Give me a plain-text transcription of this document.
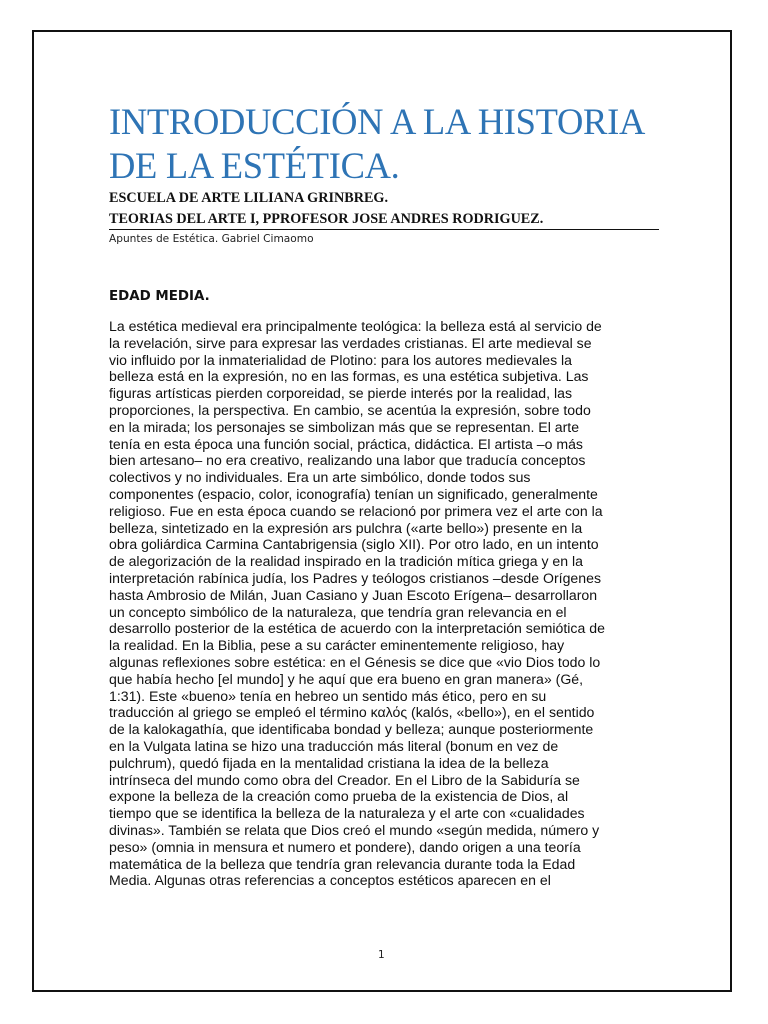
INTRODUCCIÓN A LA HISTORIA
DE LA ESTÉTICA.
ESCUELA DE ARTE LILIANA GRINBREG.
TEORIAS DEL ARTE I, PPROFESOR JOSE ANDRES RODRIGUEZ.
Apuntes de Estética. Gabriel Cimaomo
EDAD MEDIA.
La estética medieval era principalmente teológica: la belleza está al servicio de
la revelación, sirve para expresar las verdades cristianas. El arte medieval se
vio influido por la inmaterialidad de Plotino: para los autores medievales la
belleza está en la expresión, no en las formas, es una estética subjetiva. Las
figuras artísticas pierden corporeidad, se pierde interés por la realidad, las
proporciones, la perspectiva. En cambio, se acentúa la expresión, sobre todo
en la mirada; los personajes se simbolizan más que se representan. El arte
tenía en esta época una función social, práctica, didáctica. El artista –o más
bien artesano– no era creativo, realizando una labor que traducía conceptos
colectivos y no individuales. Era un arte simbólico, donde todos sus
componentes (espacio, color, iconografía) tenían un significado, generalmente
religioso. Fue en esta época cuando se relacionó por primera vez el arte con la
belleza, sintetizado en la expresión ars pulchra («arte bello») presente en la
obra goliárdica Carmina Cantabrigensia (siglo XII). Por otro lado, en un intento
de alegorización de la realidad inspirado en la tradición mítica griega y en la
interpretación rabínica judía, los Padres y teólogos cristianos –desde Orígenes
hasta Ambrosio de Milán, Juan Casiano y Juan Escoto Erígena– desarrollaron
un concepto simbólico de la naturaleza, que tendría gran relevancia en el
desarrollo posterior de la estética de acuerdo con la interpretación semiótica de
la realidad. En la Biblia, pese a su carácter eminentemente religioso, hay
algunas reflexiones sobre estética: en el Génesis se dice que «vio Dios todo lo
que había hecho [el mundo] y he aquí que era bueno en gran manera» (Gé,
1:31). Este «bueno» tenía en hebreo un sentido más ético, pero en su
traducción al griego se empleó el término καλός (kalós, «bello»), en el sentido
de la kalokagathía, que identificaba bondad y belleza; aunque posteriormente
en la Vulgata latina se hizo una traducción más literal (bonum en vez de
pulchrum), quedó fijada en la mentalidad cristiana la idea de la belleza
intrínseca del mundo como obra del Creador. En el Libro de la Sabiduría se
expone la belleza de la creación como prueba de la existencia de Dios, al
tiempo que se identifica la belleza de la naturaleza y el arte con «cualidades
divinas». También se relata que Dios creó el mundo «según medida, número y
peso» (omnia in mensura et numero et pondere), dando origen a una teoría
matemática de la belleza que tendría gran relevancia durante toda la Edad
Media. Algunas otras referencias a conceptos estéticos aparecen en el
1
